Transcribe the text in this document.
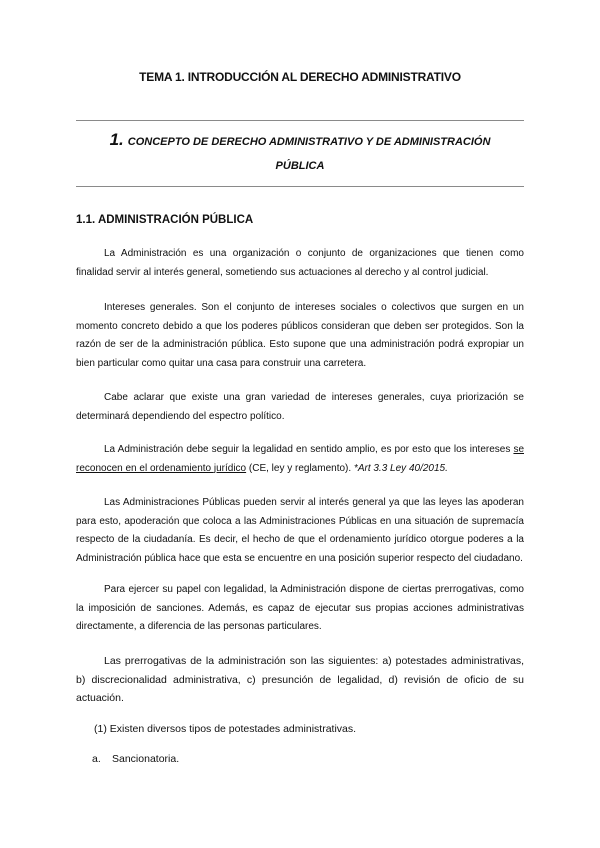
TEMA 1. INTRODUCCIÓN AL DERECHO ADMINISTRATIVO
1. CONCEPTO DE DERECHO ADMINISTRATIVO Y DE ADMINISTRACIÓN PÚBLICA
1.1. ADMINISTRACIÓN PÚBLICA

La Administración es una organización o conjunto de organizaciones que tienen como finalidad servir al interés general, sometiendo sus actuaciones al derecho y al control judicial.

Intereses generales. Son el conjunto de intereses sociales o colectivos que surgen en un momento concreto debido a que los poderes públicos consideran que deben ser protegidos. Son la razón de ser de la administración pública. Esto supone que una administración podrá expropiar un bien particular como quitar una casa para construir una carretera.

Cabe aclarar que existe una gran variedad de intereses generales, cuya priorización se determinará dependiendo del espectro político.

La Administración debe seguir la legalidad en sentido amplio, es por esto que los intereses se reconocen en el ordenamiento jurídico (CE, ley y reglamento). *Art 3.3 Ley 40/2015.

Las Administraciones Públicas pueden servir al interés general ya que las leyes las apoderan para esto, apoderación que coloca a las Administraciones Públicas en una situación de supremacía respecto de la ciudadanía. Es decir, el hecho de que el ordenamiento jurídico otorgue poderes a la Administración pública hace que esta se encuentre en una posición superior respecto del ciudadano.

Para ejercer su papel con legalidad, la Administración dispone de ciertas prerrogativas, como la imposición de sanciones. Además, es capaz de ejecutar sus propias acciones administrativas directamente, a diferencia de las personas particulares.

Las prerrogativas de la administración son las siguientes: a) potestades administrativas, b) discrecionalidad administrativa, c) presunción de legalidad, d) revisión de oficio de su actuación.

(1) Existen diversos tipos de potestades administrativas.

a. Sancionatoria.
